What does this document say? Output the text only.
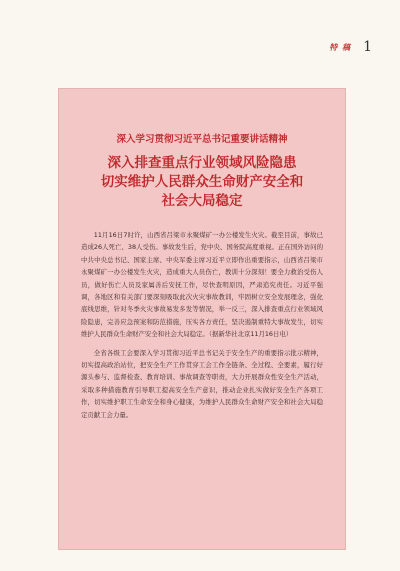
特 稿 1
深入学习贯彻习近平总书记重要讲话精神
深入排查重点行业领域风险隐患
切实维护人民群众生命财产安全和
社会大局稳定

11月16日7时许，山西省吕梁市永聚煤矿一办公楼发生火灾。截至目前，事故已造成26人死亡、38人受伤。事故发生后，党中央、国务院高度重视。正在国外访问的中共中央总书记、国家主席、中央军委主席习近平立即作出重要指示，山西省吕梁市永聚煤矿一办公楼发生火灾，造成重大人员伤亡，教训十分深刻！要全力救治受伤人员，做好伤亡人员及家属善后安抚工作，尽快查明原因，严肃追究责任。习近平强调，各地区和有关部门要深刻吸取此次火灾事故教训，牢固树立安全发展理念，强化底线思维，针对冬季火灾事故易发多发等情况，举一反三，深入排查重点行业领域风险隐患，完善应急预案和防范措施，压实各方责任，坚决遏制重特大事故发生，切实维护人民群众生命财产安全和社会大局稳定。（据新华社北京11月16日电）

全省各级工会要深入学习贯彻习近平总书记关于安全生产的重要指示批示精神，切实提高政治站位，把安全生产工作贯穿工会工作全链条、全过程、全要素，履行好源头参与、监督检查、教育培训、事故调查等职责，大力开展群众性安全生产活动，采取多种措施教育引导职工提高安全生产意识，推动企业扎实做好安全生产各项工作，切实维护职工生命安全和身心健康，为维护人民群众生命财产安全和社会大局稳定贡献工会力量。
